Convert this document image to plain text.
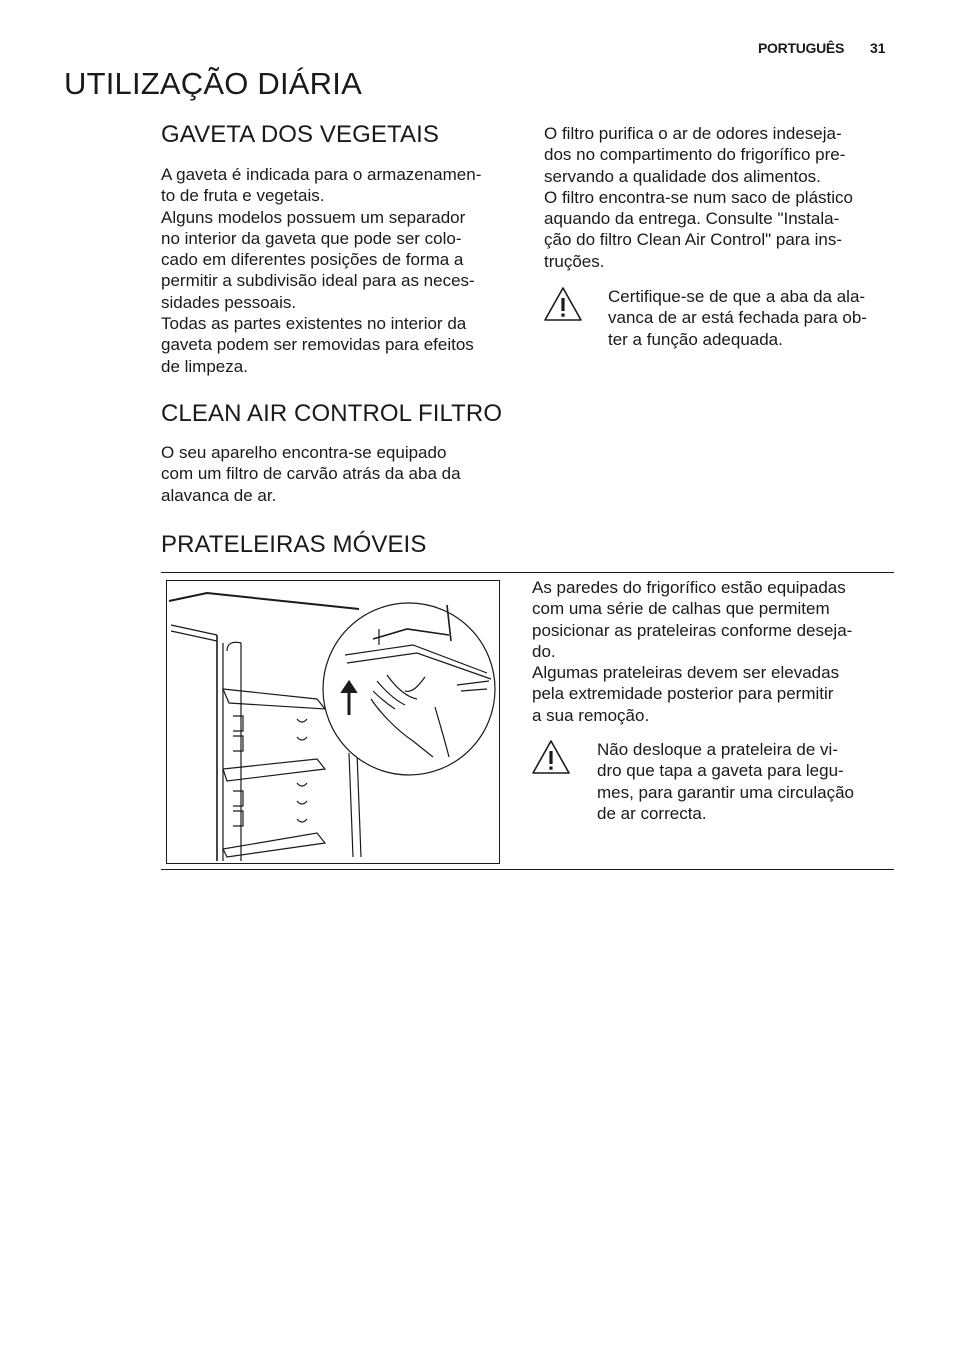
PORTUGUÊS 31
UTILIZAÇÃO DIÁRIA
GAVETA DOS VEGETAIS
A gaveta é indicada para o armazenamen-
to de fruta e vegetais.
Alguns modelos possuem um separador
no interior da gaveta que pode ser colo-
cado em diferentes posições de forma a
permitir a subdivisão ideal para as neces-
sidades pessoais.
Todas as partes existentes no interior da
gaveta podem ser removidas para efeitos
de limpeza.
CLEAN AIR CONTROL FILTRO
O seu aparelho encontra-se equipado
com um filtro de carvão atrás da aba da
alavanca de ar.
O filtro purifica o ar de odores indeseja-
dos no compartimento do frigorífico pre-
servando a qualidade dos alimentos.
O filtro encontra-se num saco de plástico
aquando da entrega. Consulte "Instala-
ção do filtro Clean Air Control" para ins-
truções.
Certifique-se de que a aba da ala-
vanca de ar está fechada para ob-
ter a função adequada.
PRATELEIRAS MÓVEIS
As paredes do frigorífico estão equipadas
com uma série de calhas que permitem
posicionar as prateleiras conforme deseja-
do.
Algumas prateleiras devem ser elevadas
pela extremidade posterior para permitir
a sua remoção.
Não desloque a prateleira de vi-
dro que tapa a gaveta para legu-
mes, para garantir uma circulação
de ar correcta.
